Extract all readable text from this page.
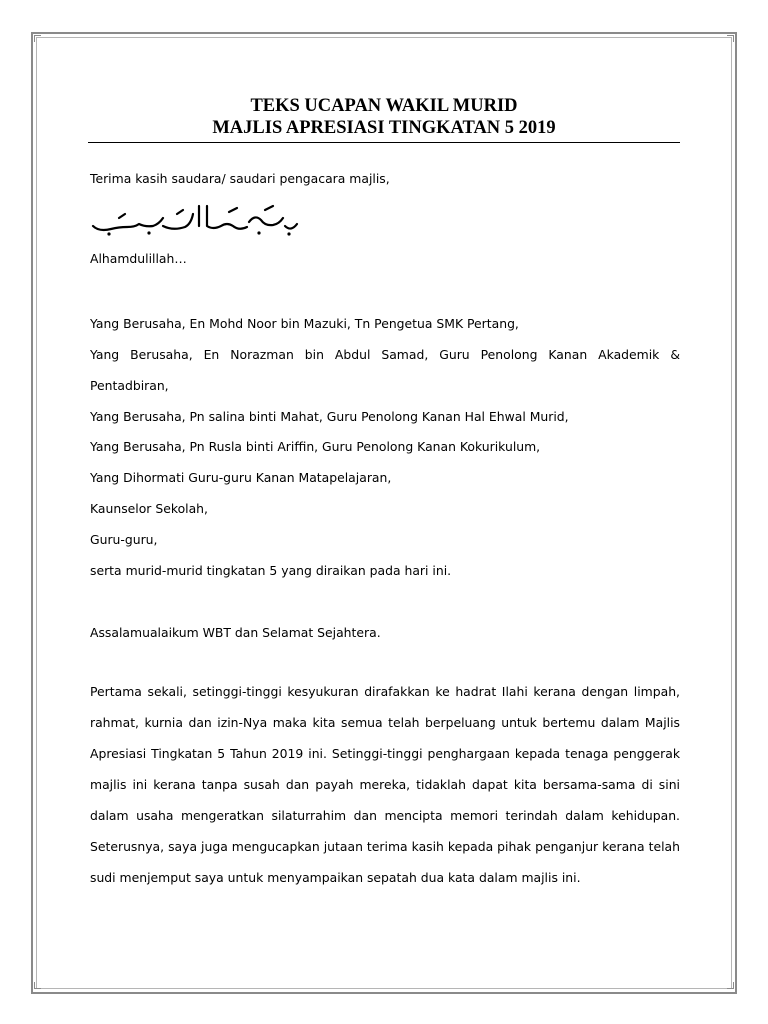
TEKS UCAPAN WAKIL MURID
MAJLIS APRESIASI TINGKATAN 5 2019

Terima kasih saudara/ saudari pengacara majlis,

Alhamdulillah…

Yang Berusaha, En Mohd Noor bin Mazuki, Tn Pengetua SMK Pertang,

Yang Berusaha, En Norazman bin Abdul Samad, Guru Penolong Kanan Akademik &

Pentadbiran,

Yang Berusaha, Pn salina binti Mahat, Guru Penolong Kanan Hal Ehwal Murid,

Yang Berusaha, Pn Rusla binti Ariffin, Guru Penolong Kanan Kokurikulum,

Yang Dihormati Guru-guru Kanan Matapelajaran,

Kaunselor Sekolah,

Guru-guru,

serta murid-murid tingkatan 5 yang diraikan pada hari ini.

Assalamualaikum WBT dan Selamat Sejahtera.

Pertama sekali, setinggi-tinggi kesyukuran dirafakkan ke hadrat Ilahi kerana dengan limpah, rahmat, kurnia dan izin-Nya maka kita semua telah berpeluang untuk bertemu dalam Majlis Apresiasi Tingkatan 5 Tahun 2019 ini. Setinggi-tinggi penghargaan kepada tenaga penggerak majlis ini kerana tanpa susah dan payah mereka, tidaklah dapat kita bersama-sama di sini dalam usaha mengeratkan silaturrahim dan mencipta memori terindah dalam kehidupan. Seterusnya, saya juga mengucapkan jutaan terima kasih kepada pihak penganjur kerana telah sudi menjemput saya untuk menyampaikan sepatah dua kata dalam majlis ini.
